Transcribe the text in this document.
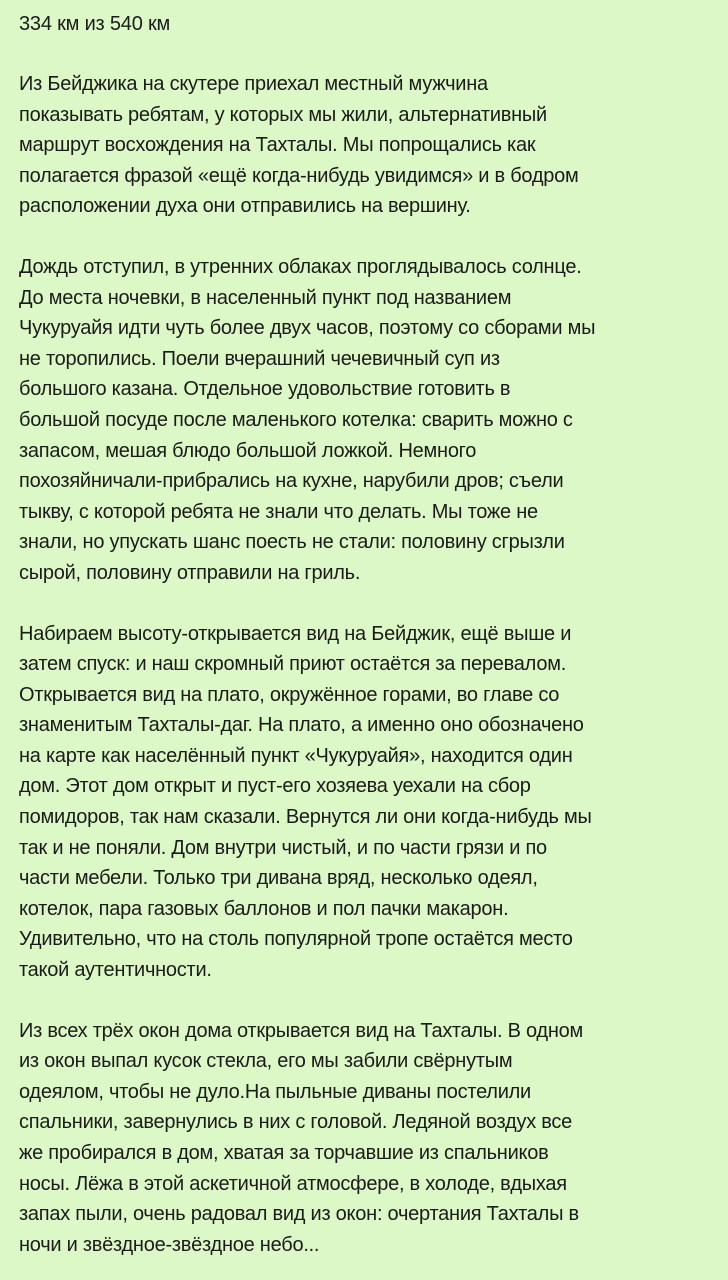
334 км из 540 км
Из Бейджика на скутере приехал местный мужчина
показывать ребятам, у которых мы жили, альтернативный
маршрут восхождения на Тахталы. Мы попрощались как
полагается фразой «ещё когда-нибудь увидимся» и в бодром
расположении духа они отправились на вершину.
Дождь отступил, в утренних облаках проглядывалось солнце.
До места ночевки, в населенный пункт под названием
Чукуруайя идти чуть более двух часов, поэтому со сборами мы
не торопились. Поели вчерашний чечевичный суп из
большого казана. Отдельное удовольствие готовить в
большой посуде после маленького котелка: сварить можно с
запасом, мешая блюдо большой ложкой. Немного
похозяйничали-прибрались на кухне, нарубили дров; съели
тыкву, с которой ребята не знали что делать. Мы тоже не
знали, но упускать шанс поесть не стали: половину сгрызли
сырой, половину отправили на гриль.
Набираем высоту-открывается вид на Бейджик, ещё выше и
затем спуск: и наш скромный приют остаётся за перевалом.
Открывается вид на плато, окружённое горами, во главе со
знаменитым Тахталы-даг. На плато, а именно оно обозначено
на карте как населённый пункт «Чукуруайя», находится один
дом. Этот дом открыт и пуст-его хозяева уехали на сбор
помидоров, так нам сказали. Вернутся ли они когда-нибудь мы
так и не поняли. Дом внутри чистый, и по части грязи и по
части мебели. Только три дивана вряд, несколько одеял,
котелок, пара газовых баллонов и пол пачки макарон.
Удивительно, что на столь популярной тропе остаётся место
такой аутентичности.
Из всех трёх окон дома открывается вид на Тахталы. В одном
из окон выпал кусок стекла, его мы забили свёрнутым
одеялом, чтобы не дуло.На пыльные диваны постелили
спальники, завернулись в них с головой. Ледяной воздух все
же пробирался в дом, хватая за торчавшие из спальников
носы. Лёжа в этой аскетичной атмосфере, в холоде, вдыхая
запах пыли, очень радовал вид из окон: очертания Тахталы в
ночи и звёздное-звёздное небо...
